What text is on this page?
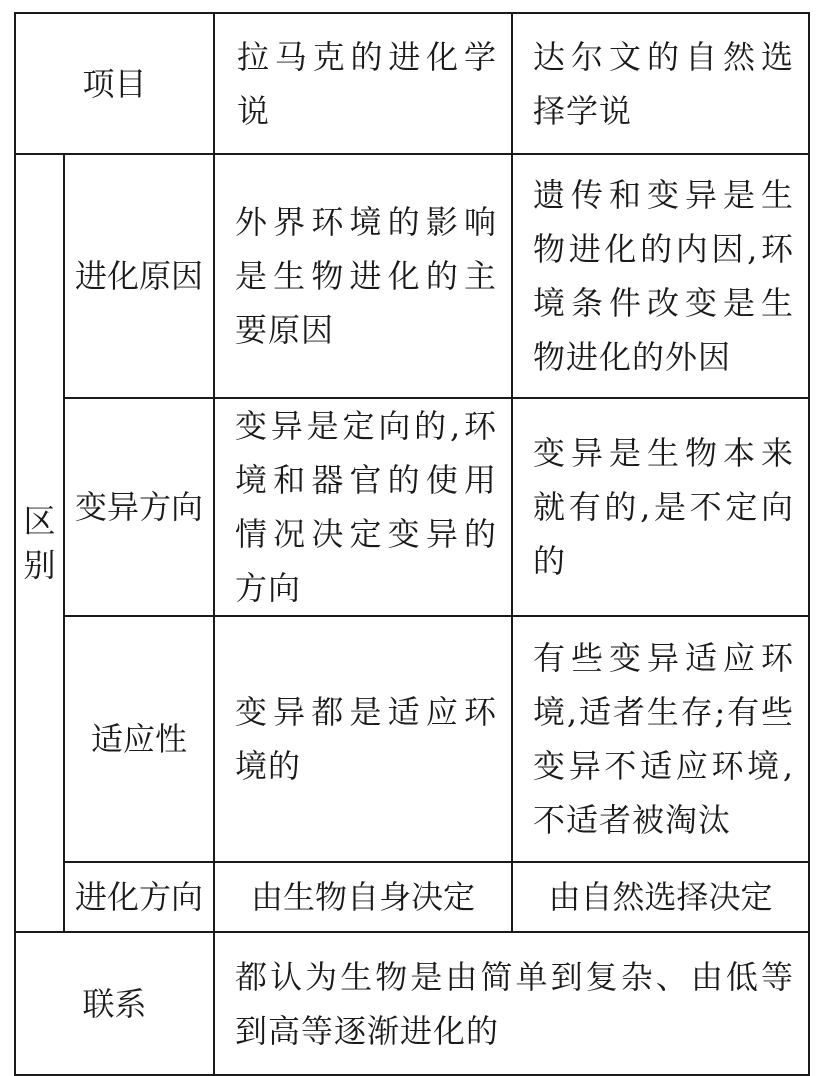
项目		拉马克的进化学说	达尔文的自然选择学说

区别	进化原因	外界环境的影响是生物进化的主要原因	遗传和变异是生物进化的内因,环境条件改变是生物进化的外因

	变异方向	变异是定向的,环境和器官的使用情况决定变异的方向	变异是生物本来就有的,是不定向的

	适应性	变异都是适应环境的	有些变异适应环境,适者生存;有些变异不适应环境,不适者被淘汰

	进化方向	由生物自身决定	由自然选择决定
联系		都认为生物是由简单到复杂、由低等到高等逐渐进化的	
